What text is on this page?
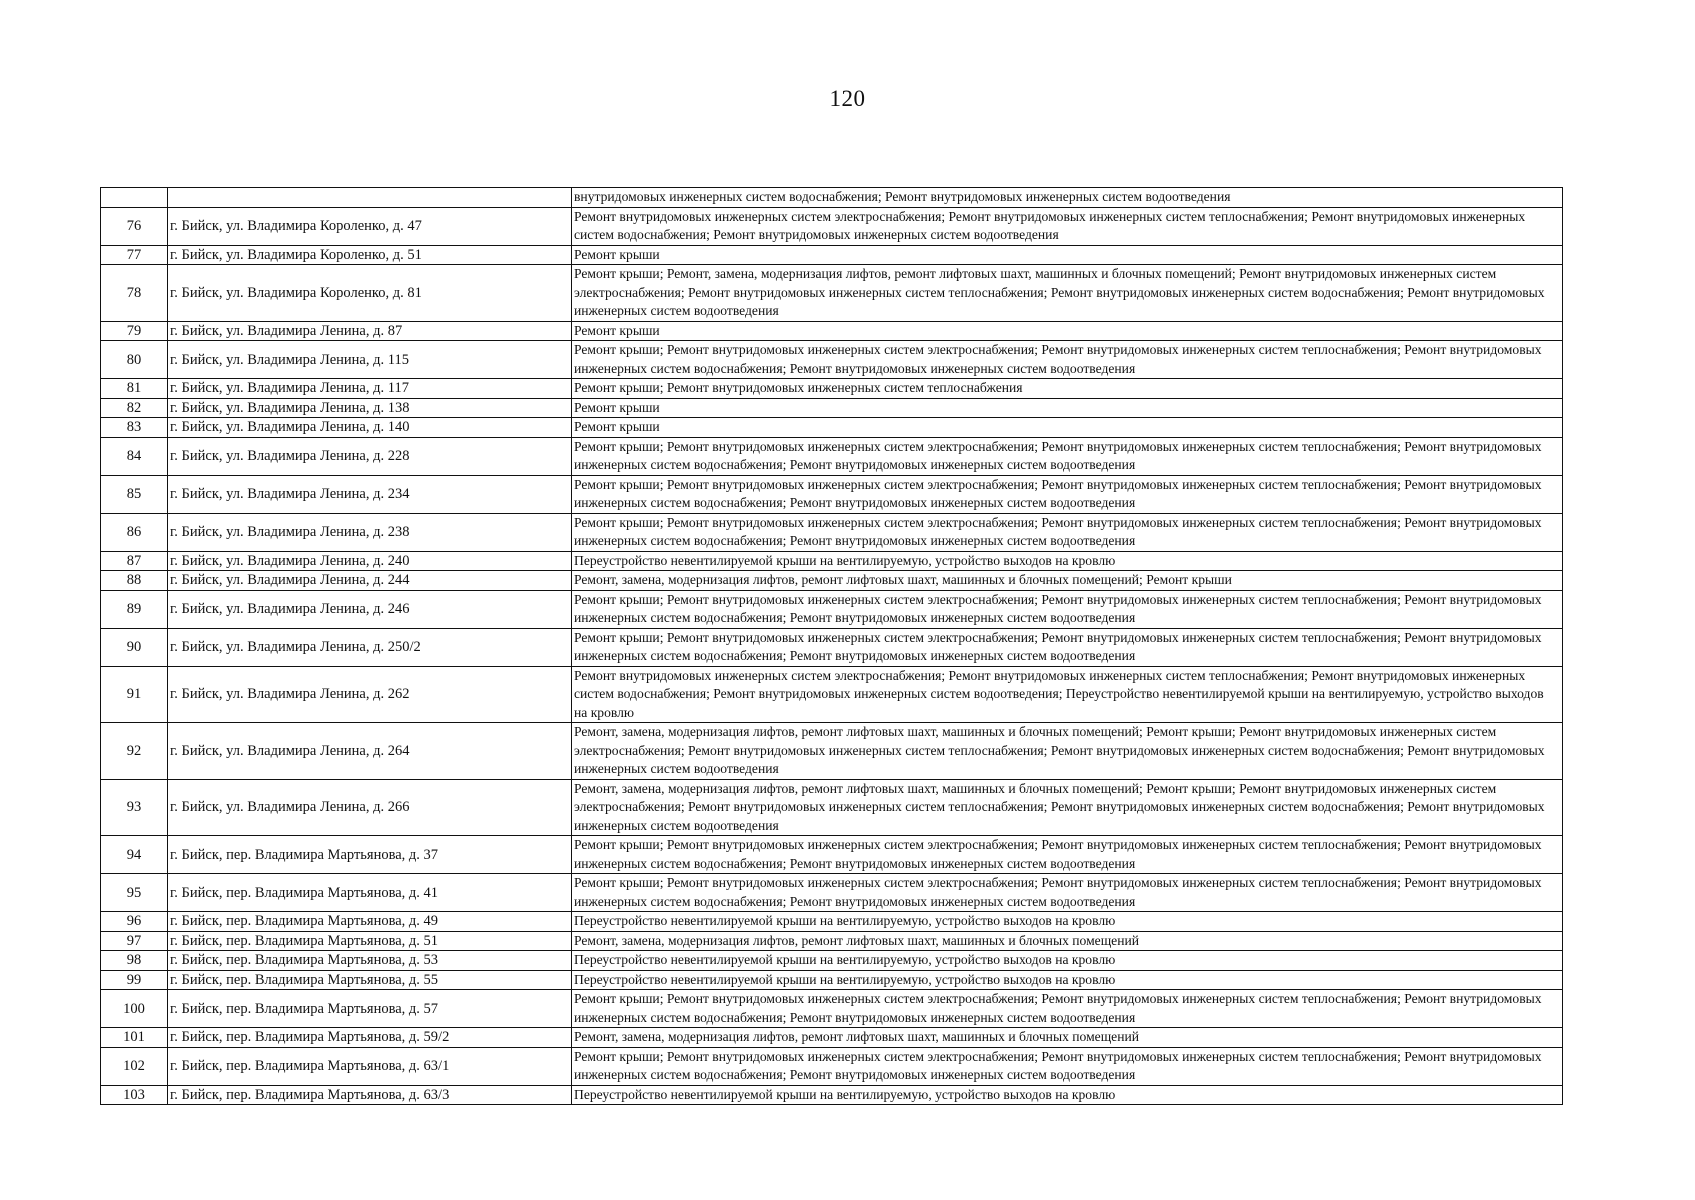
120
		внутридомовых инженерных систем водоснабжения; Ремонт внутридомовых инженерных систем водоотведения
76	г. Бийск, ул. Владимира Короленко, д. 47	Ремонт внутридомовых инженерных систем электроснабжения; Ремонт внутридомовых инженерных систем теплоснабжения; Ремонт внутридомовых инженерных систем водоснабжения; Ремонт внутридомовых инженерных систем водоотведения
77	г. Бийск, ул. Владимира Короленко, д. 51	Ремонт крыши
78	г. Бийск, ул. Владимира Короленко, д. 81	Ремонт крыши; Ремонт, замена, модернизация лифтов, ремонт лифтовых шахт, машинных и блочных помещений; Ремонт внутридомовых инженерных систем электроснабжения; Ремонт внутридомовых инженерных систем теплоснабжения; Ремонт внутридомовых инженерных систем водоснабжения; Ремонт внутридомовых инженерных систем водоотведения
79	г. Бийск, ул. Владимира Ленина, д. 87	Ремонт крыши
80	г. Бийск, ул. Владимира Ленина, д. 115	Ремонт крыши; Ремонт внутридомовых инженерных систем электроснабжения; Ремонт внутридомовых инженерных систем теплоснабжения; Ремонт внутридомовых инженерных систем водоснабжения; Ремонт внутридомовых инженерных систем водоотведения
81	г. Бийск, ул. Владимира Ленина, д. 117	Ремонт крыши; Ремонт внутридомовых инженерных систем теплоснабжения
82	г. Бийск, ул. Владимира Ленина, д. 138	Ремонт крыши
83	г. Бийск, ул. Владимира Ленина, д. 140	Ремонт крыши
84	г. Бийск, ул. Владимира Ленина, д. 228	Ремонт крыши; Ремонт внутридомовых инженерных систем электроснабжения; Ремонт внутридомовых инженерных систем теплоснабжения; Ремонт внутридомовых инженерных систем водоснабжения; Ремонт внутридомовых инженерных систем водоотведения
85	г. Бийск, ул. Владимира Ленина, д. 234	Ремонт крыши; Ремонт внутридомовых инженерных систем электроснабжения; Ремонт внутридомовых инженерных систем теплоснабжения; Ремонт внутридомовых инженерных систем водоснабжения; Ремонт внутридомовых инженерных систем водоотведения
86	г. Бийск, ул. Владимира Ленина, д. 238	Ремонт крыши; Ремонт внутридомовых инженерных систем электроснабжения; Ремонт внутридомовых инженерных систем теплоснабжения; Ремонт внутридомовых инженерных систем водоснабжения; Ремонт внутридомовых инженерных систем водоотведения
87	г. Бийск, ул. Владимира Ленина, д. 240	Переустройство невентилируемой крыши на вентилируемую, устройство выходов на кровлю
88	г. Бийск, ул. Владимира Ленина, д. 244	Ремонт, замена, модернизация лифтов, ремонт лифтовых шахт, машинных и блочных помещений; Ремонт крыши
89	г. Бийск, ул. Владимира Ленина, д. 246	Ремонт крыши; Ремонт внутридомовых инженерных систем электроснабжения; Ремонт внутридомовых инженерных систем теплоснабжения; Ремонт внутридомовых инженерных систем водоснабжения; Ремонт внутридомовых инженерных систем водоотведения
90	г. Бийск, ул. Владимира Ленина, д. 250/2	Ремонт крыши; Ремонт внутридомовых инженерных систем электроснабжения; Ремонт внутридомовых инженерных систем теплоснабжения; Ремонт внутридомовых инженерных систем водоснабжения; Ремонт внутридомовых инженерных систем водоотведения
91	г. Бийск, ул. Владимира Ленина, д. 262	Ремонт внутридомовых инженерных систем электроснабжения; Ремонт внутридомовых инженерных систем теплоснабжения; Ремонт внутридомовых инженерных систем водоснабжения; Ремонт внутридомовых инженерных систем водоотведения; Переустройство невентилируемой крыши на вентилируемую, устройство выходов на кровлю
92	г. Бийск, ул. Владимира Ленина, д. 264	Ремонт, замена, модернизация лифтов, ремонт лифтовых шахт, машинных и блочных помещений; Ремонт крыши; Ремонт внутридомовых инженерных систем электроснабжения; Ремонт внутридомовых инженерных систем теплоснабжения; Ремонт внутридомовых инженерных систем водоснабжения; Ремонт внутридомовых инженерных систем водоотведения
93	г. Бийск, ул. Владимира Ленина, д. 266	Ремонт, замена, модернизация лифтов, ремонт лифтовых шахт, машинных и блочных помещений; Ремонт крыши; Ремонт внутридомовых инженерных систем электроснабжения; Ремонт внутридомовых инженерных систем теплоснабжения; Ремонт внутридомовых инженерных систем водоснабжения; Ремонт внутридомовых инженерных систем водоотведения
94	г. Бийск, пер. Владимира Мартьянова, д. 37	Ремонт крыши; Ремонт внутридомовых инженерных систем электроснабжения; Ремонт внутридомовых инженерных систем теплоснабжения; Ремонт внутридомовых инженерных систем водоснабжения; Ремонт внутридомовых инженерных систем водоотведения
95	г. Бийск, пер. Владимира Мартьянова, д. 41	Ремонт крыши; Ремонт внутридомовых инженерных систем электроснабжения; Ремонт внутридомовых инженерных систем теплоснабжения; Ремонт внутридомовых инженерных систем водоснабжения; Ремонт внутридомовых инженерных систем водоотведения
96	г. Бийск, пер. Владимира Мартьянова, д. 49	Переустройство невентилируемой крыши на вентилируемую, устройство выходов на кровлю
97	г. Бийск, пер. Владимира Мартьянова, д. 51	Ремонт, замена, модернизация лифтов, ремонт лифтовых шахт, машинных и блочных помещений
98	г. Бийск, пер. Владимира Мартьянова, д. 53	Переустройство невентилируемой крыши на вентилируемую, устройство выходов на кровлю
99	г. Бийск, пер. Владимира Мартьянова, д. 55	Переустройство невентилируемой крыши на вентилируемую, устройство выходов на кровлю
100	г. Бийск, пер. Владимира Мартьянова, д. 57	Ремонт крыши; Ремонт внутридомовых инженерных систем электроснабжения; Ремонт внутридомовых инженерных систем теплоснабжения; Ремонт внутридомовых инженерных систем водоснабжения; Ремонт внутридомовых инженерных систем водоотведения
101	г. Бийск, пер. Владимира Мартьянова, д. 59/2	Ремонт, замена, модернизация лифтов, ремонт лифтовых шахт, машинных и блочных помещений
102	г. Бийск, пер. Владимира Мартьянова, д. 63/1	Ремонт крыши; Ремонт внутридомовых инженерных систем электроснабжения; Ремонт внутридомовых инженерных систем теплоснабжения; Ремонт внутридомовых инженерных систем водоснабжения; Ремонт внутридомовых инженерных систем водоотведения
103	г. Бийск, пер. Владимира Мартьянова, д. 63/3	Переустройство невентилируемой крыши на вентилируемую, устройство выходов на кровлю
